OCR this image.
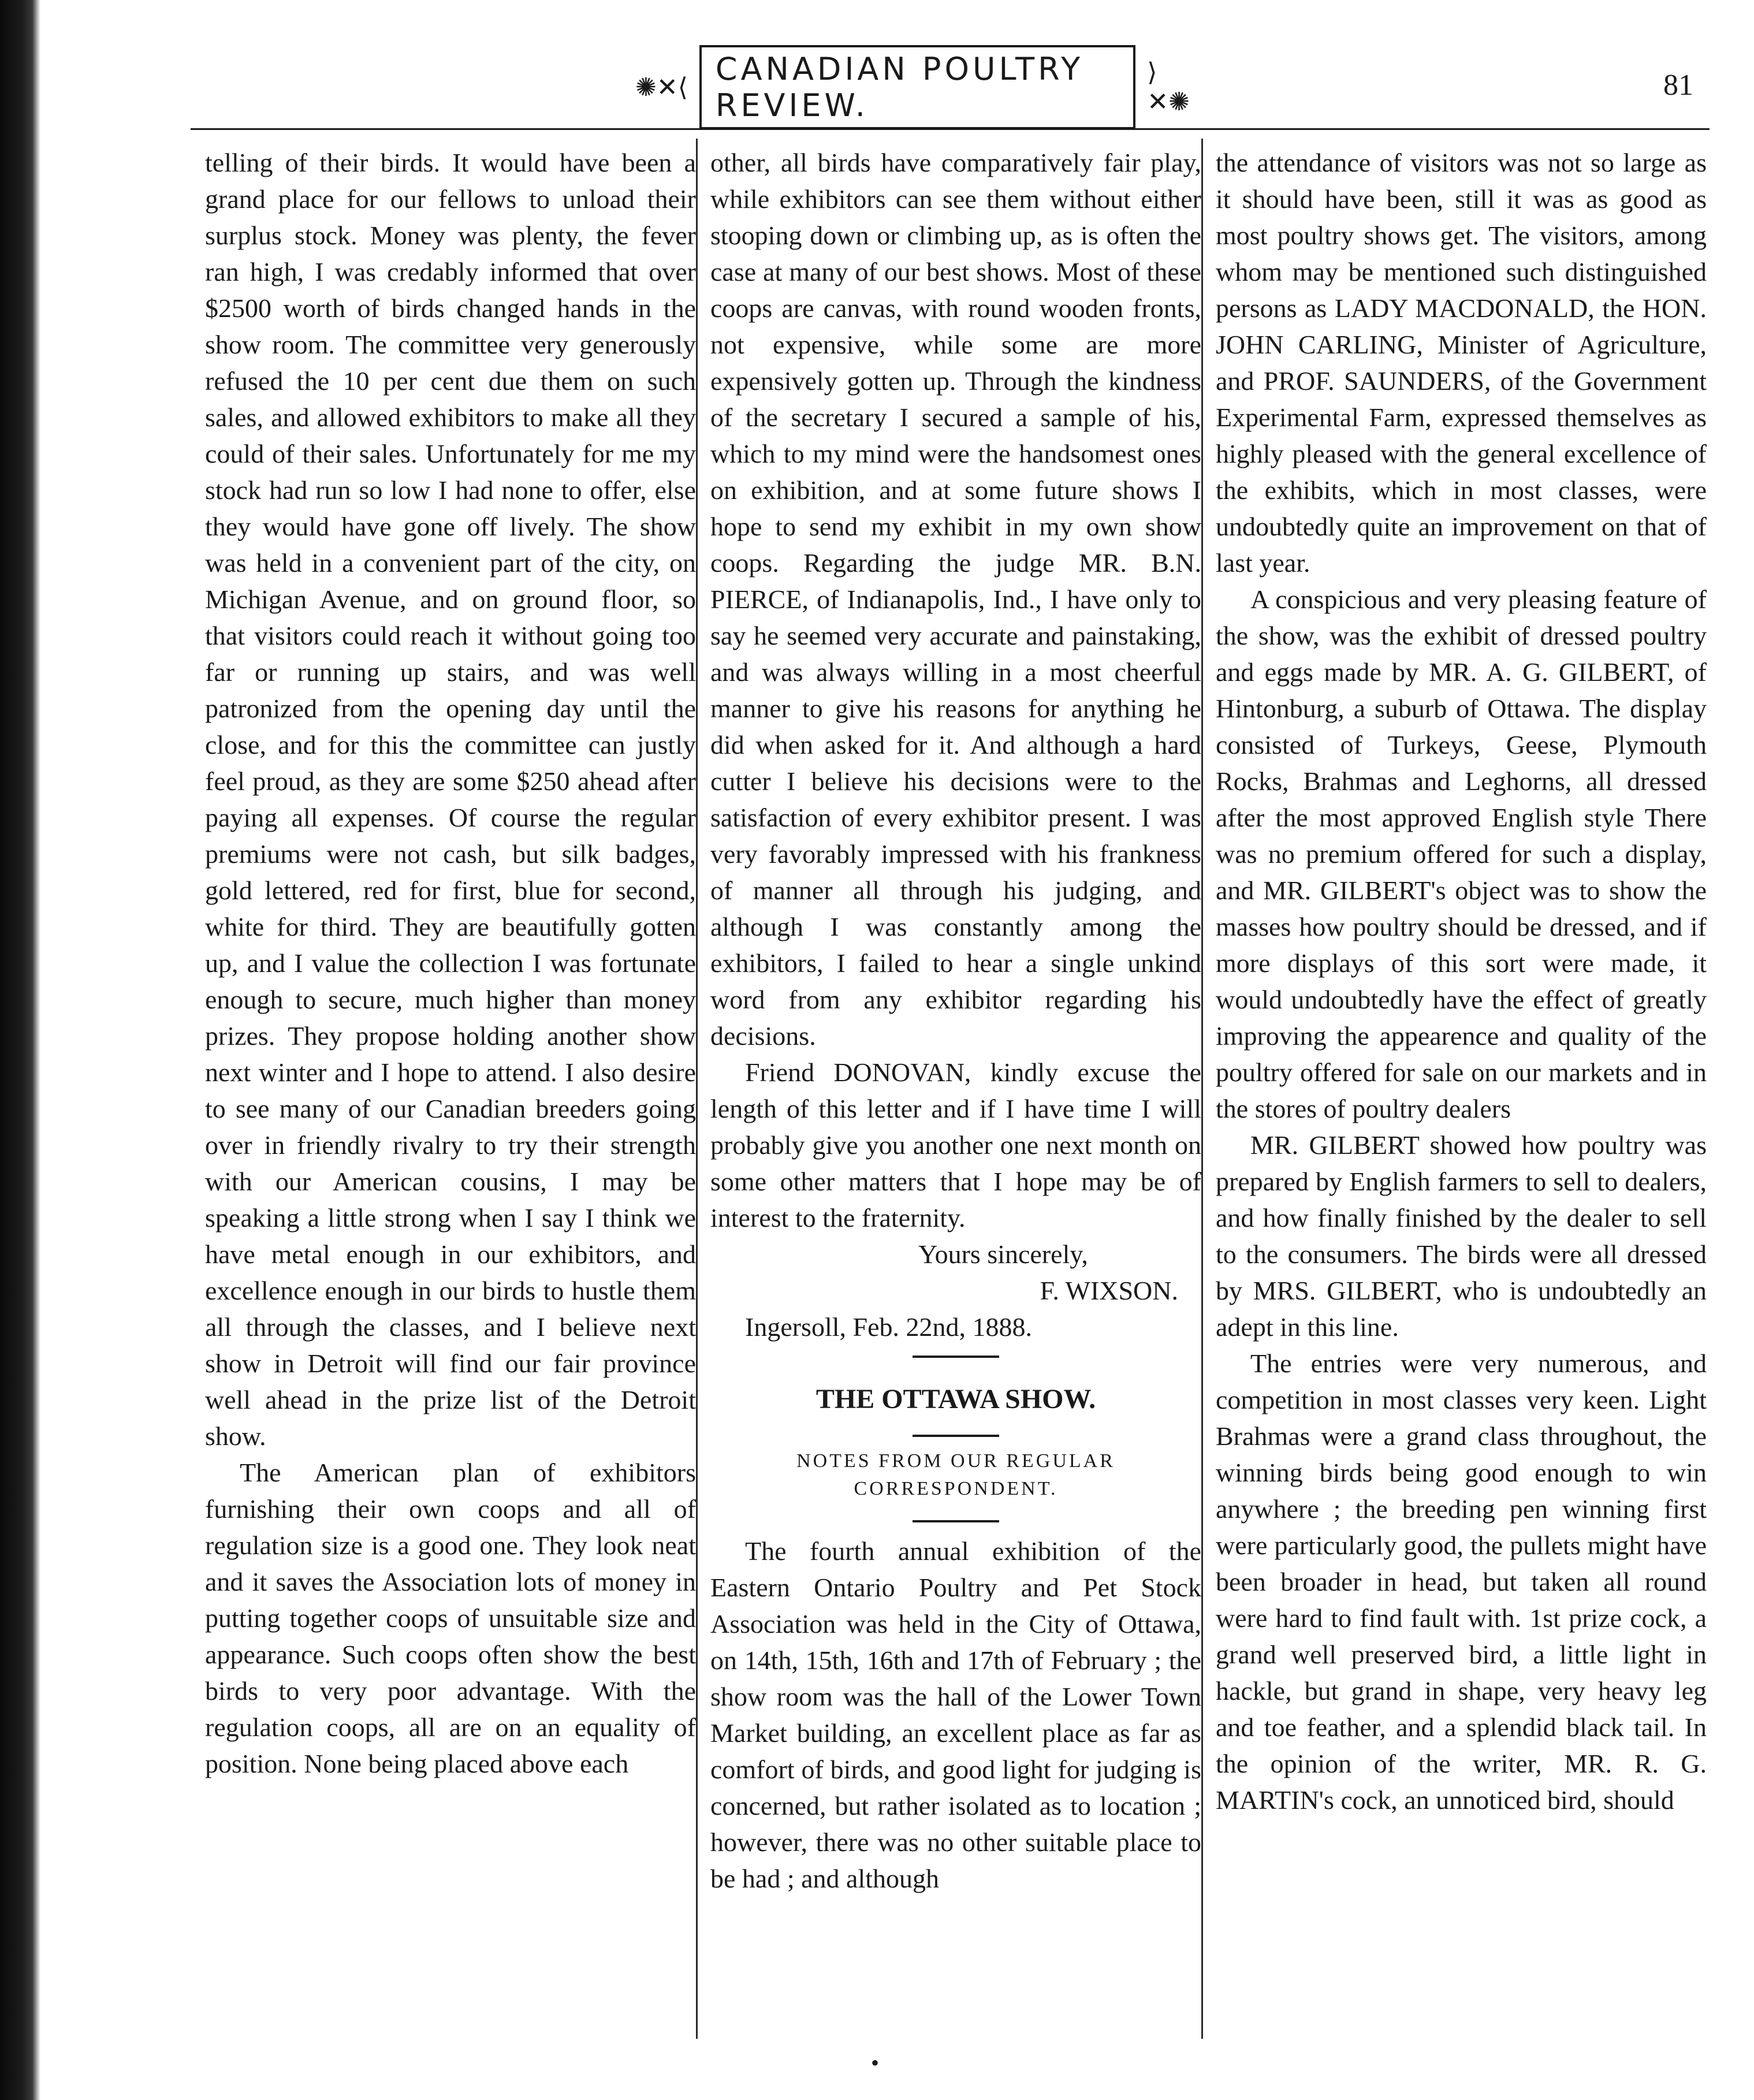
✺✕⟨ CANADIAN POULTRY REVIEW.
⟩✕✺
81

telling of their birds. It would have been a grand place for our fellows to unload their surplus stock. Money was plenty, the fever ran high, I was credably informed that over $2500 worth of birds changed hands in the show room. The committee very generously refused the 10 per cent due them on such sales, and allowed exhibitors to make all they could of their sales. Unfortunately for me my stock had run so low I had none to offer, else they would have gone off lively. The show was held in a convenient part of the city, on Michigan Avenue, and on ground floor, so that visitors could reach it without going too far or running up stairs, and was well patronized from the opening day until the close, and for this the committee can justly feel proud, as they are some $250 ahead after paying all expenses. Of course the regular premiums were not cash, but silk badges, gold lettered, red for first, blue for second, white for third. They are beautifully gotten up, and I value the collection I was fortunate enough to secure, much higher than money prizes. They propose holding another show next winter and I hope to attend. I also desire to see many of our Canadian breeders going over in friendly rivalry to try their strength with our American cousins, I may be speaking a little strong when I say I think we have metal enough in our exhibitors, and excellence enough in our birds to hustle them all through the classes, and I believe next show in Detroit will find our fair province well ahead in the prize list of the Detroit show.

The American plan of exhibitors furnishing their own coops and all of regulation size is a good one. They look neat and it saves the Association lots of money in putting together coops of unsuitable size and appearance. Such coops often show the best birds to very poor advantage. With the regulation coops, all are on an equality of position. None being placed above each

other, all birds have comparatively fair play, while exhibitors can see them without either stooping down or climbing up, as is often the case at many of our best shows. Most of these coops are canvas, with round wooden fronts, not expensive, while some are more expensively gotten up. Through the kindness of the secretary I secured a sample of his, which to my mind were the handsomest ones on exhibition, and at some future shows I hope to send my exhibit in my own show coops. Regarding the judge MR. B.N. PIERCE, of Indianapolis, Ind., I have only to say he seemed very accurate and painstaking, and was always willing in a most cheerful manner to give his reasons for anything he did when asked for it. And although a hard cutter I believe his decisions were to the satisfaction of every exhibitor present. I was very favorably impressed with his frankness of manner all through his judging, and although I was constantly among the exhibitors, I failed to hear a single unkind word from any exhibitor regarding his decisions.

Friend DONOVAN, kindly excuse the length of this letter and if I have time I will probably give you another one next month on some other matters that I hope may be of interest to the fraternity.

Yours sincerely,

F. WIXSON.

Ingersoll, Feb. 22nd, 1888.

THE OTTAWA SHOW.
NOTES FROM OUR REGULAR CORRESPONDENT.

The fourth annual exhibition of the Eastern Ontario Poultry and Pet Stock Association was held in the City of Ottawa, on 14th, 15th, 16th and 17th of February ; the show room was the hall of the Lower Town Market building, an excellent place as far as comfort of birds, and good light for judging is concerned, but rather isolated as to location ; however, there was no other suitable place to be had ; and although

the attendance of visitors was not so large as it should have been, still it was as good as most poultry shows get. The visitors, among whom may be mentioned such distinguished persons as LADY MACDONALD, the HON. JOHN CARLING, Minister of Agriculture, and PROF. SAUNDERS, of the Government Experimental Farm, expressed themselves as highly pleased with the general excellence of the exhibits, which in most classes, were undoubtedly quite an improvement on that of last year.

A conspicious and very pleasing feature of the show, was the exhibit of dressed poultry and eggs made by MR. A. G. GILBERT, of Hintonburg, a suburb of Ottawa. The display consisted of Turkeys, Geese, Plymouth Rocks, Brahmas and Leghorns, all dressed after the most approved English style There was no premium offered for such a display, and MR. GILBERT's object was to show the masses how poultry should be dressed, and if more displays of this sort were made, it would undoubtedly have the effect of greatly improving the appearence and quality of the poultry offered for sale on our markets and in the stores of poultry dealers

MR. GILBERT showed how poultry was prepared by English farmers to sell to dealers, and how finally finished by the dealer to sell to the consumers. The birds were all dressed by MRS. GILBERT, who is undoubtedly an adept in this line.

The entries were very numerous, and competition in most classes very keen. Light Brahmas were a grand class throughout, the winning birds being good enough to win anywhere ; the breeding pen winning first were particularly good, the pullets might have been broader in head, but taken all round were hard to find fault with. 1st prize cock, a grand well preserved bird, a little light in hackle, but grand in shape, very heavy leg and toe feather, and a splendid black tail. In the opinion of the writer, MR. R. G. MARTIN's cock, an unnoticed bird, should

•
